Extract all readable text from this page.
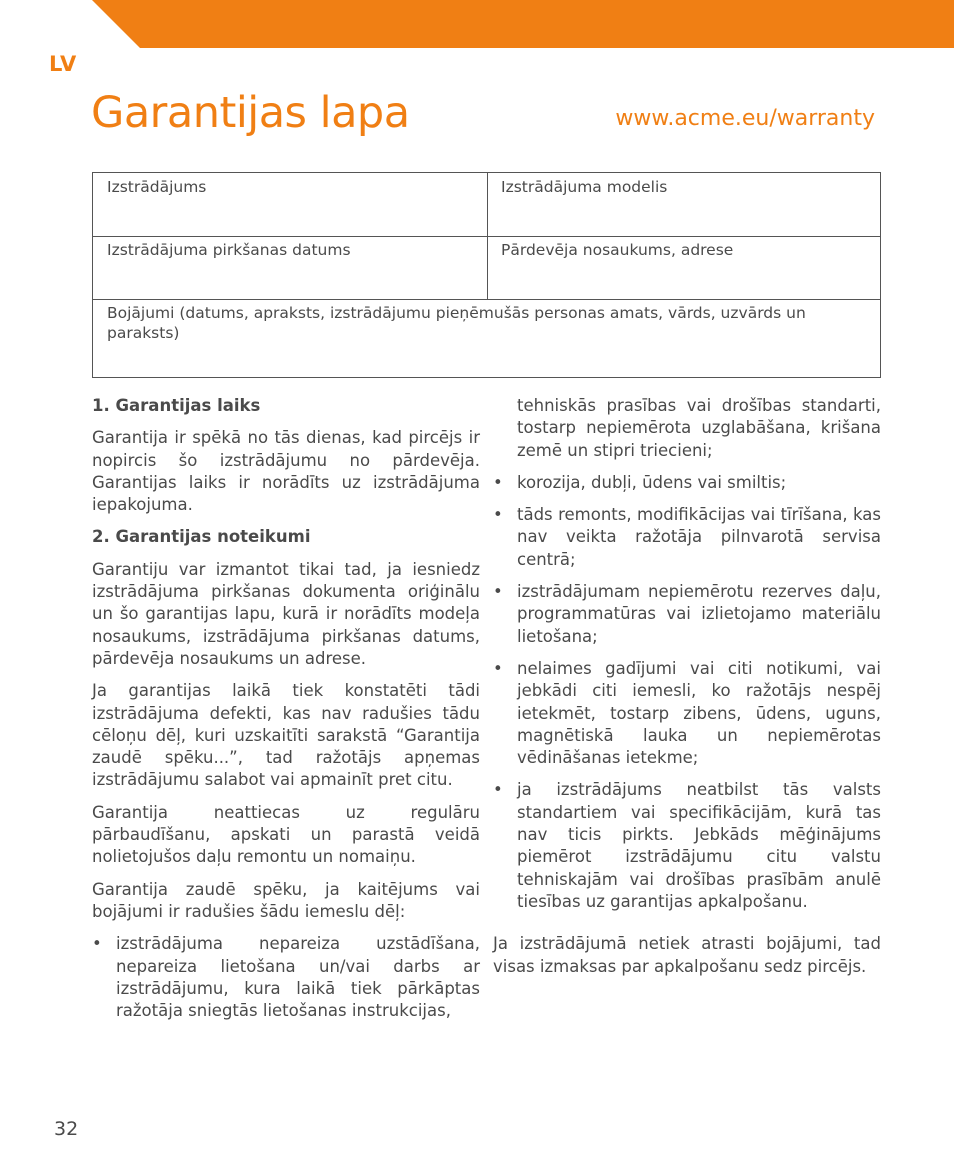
LV
Garantijas lapa	www.acme.eu/warranty
Izstrādājums	Izstrādājuma modelis
Izstrādājuma pirkšanas datums	Pārdevēja nosaukums, adrese
Bojājumi (datums, apraksts, izstrādājumu pieņēmušās personas amats, vārds, uzvārds un paraksts)
1. Garantijas laiks

Garantija ir spēkā no tās dienas, kad pircējs ir nopircis šo izstrādājumu no pārdevēja. Garantijas laiks ir norādīts uz izstrādājuma iepakojuma.

2. Garantijas noteikumi

Garantiju var izmantot tikai tad, ja iesniedz izstrādājuma pirkšanas dokumenta oriģinālu un šo garantijas lapu, kurā ir norādīts modeļa nosaukums, izstrādājuma pirkšanas datums, pārdevēja nosaukums un adrese.

Ja garantijas laikā tiek konstatēti tādi izstrādājuma defekti, kas nav radušies tādu cēloņu dēļ, kuri uzskaitīti sarakstā “Garantija zaudē spēku...”, tad ražotājs apņemas izstrādājumu salabot vai apmainīt pret citu.

Garantija neattiecas uz regulāru pārbaudīšanu, apskati un parastā veidā nolietojušos daļu remontu un nomaiņu.

Garantija zaudē spēku, ja kaitējums vai bojājumi ir radušies šādu iemeslu dēļ:

• izstrādājuma nepareiza uzstādīšana, nepareiza lietošana un/vai darbs ar izstrādājumu, kura laikā tiek pārkāptas ražotāja sniegtās lietošanas instrukcijas,
tehniskās prasības vai drošības standarti, tostarp nepiemērota uzglabāšana, krišana zemē un stipri triecieni;
• korozija, dubļi, ūdens vai smiltis;
• tāds remonts, modifikācijas vai tīrīšana, kas nav veikta ražotāja pilnvarotā servisa centrā;
• izstrādājumam nepiemērotu rezerves daļu, programmatūras vai izlietojamo materiālu lietošana;
• nelaimes gadījumi vai citi notikumi, vai jebkādi citi iemesli, ko ražotājs nespēj ietekmēt, tostarp zibens, ūdens, uguns, magnētiskā lauka un nepiemērotas vēdināšanas ietekme;
• ja izstrādājums neatbilst tās valsts standartiem vai specifikācijām, kurā tas nav ticis pirkts. Jebkāds mēģinājums piemērot izstrādājumu citu valstu tehniskajām vai drošības prasībām anulē tiesības uz garantijas apkalpošanu.

Ja izstrādājumā netiek atrasti bojājumi, tad visas izmaksas par apkalpošanu sedz pircējs.

32
